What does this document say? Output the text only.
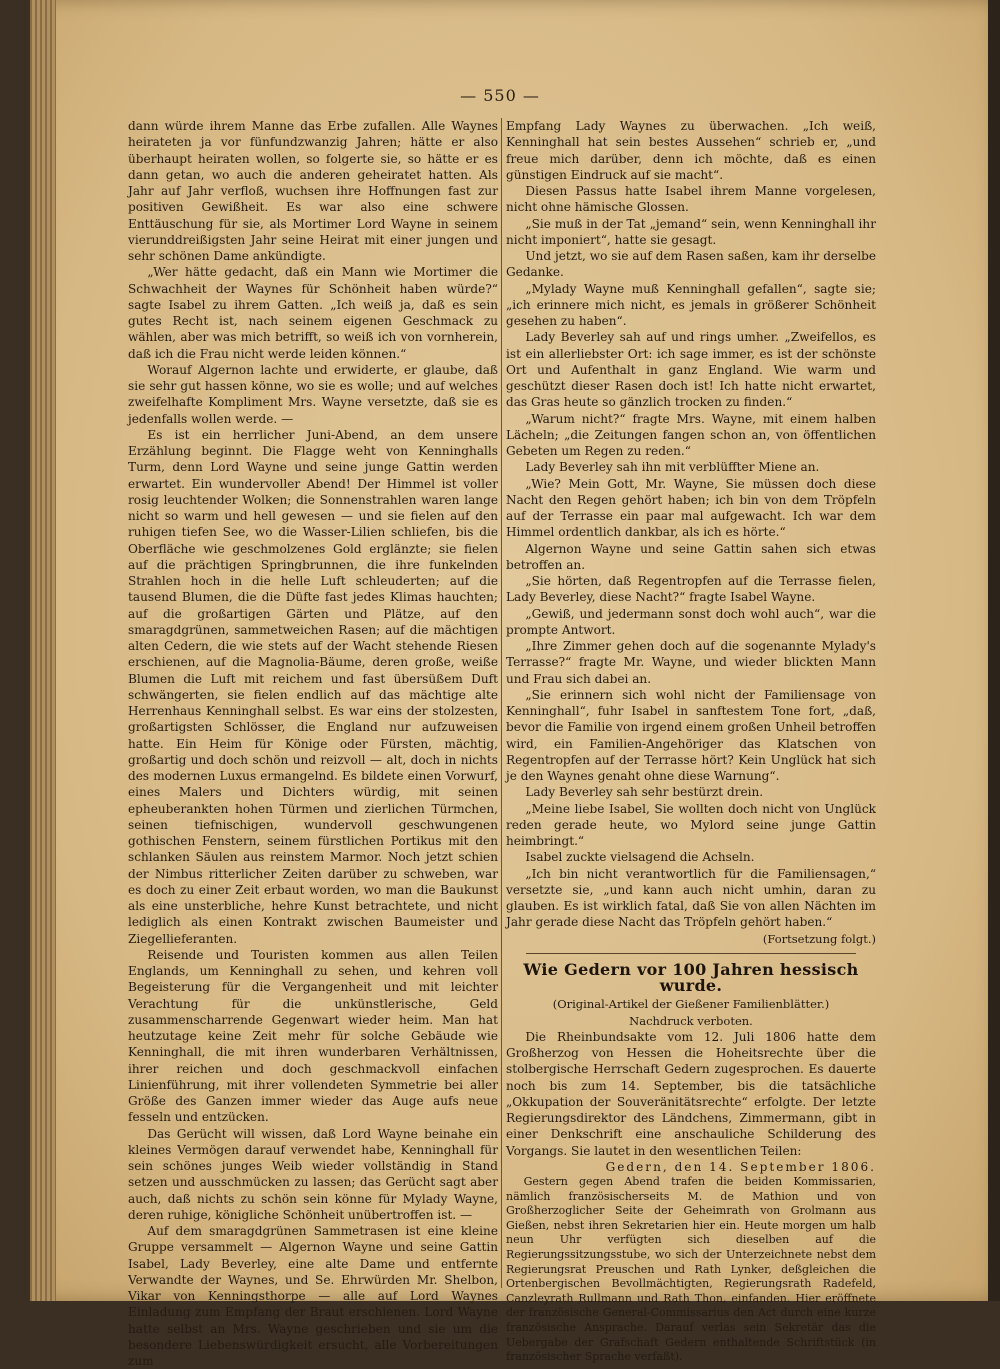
— 550 —

dann würde ihrem Manne das Erbe zufallen. Alle Waynes heirateten ja vor fünfundzwanzig Jahren; hätte er also überhaupt heiraten wollen, so folgerte sie, so hätte er es dann getan, wo auch die anderen geheiratet hatten. Als Jahr auf Jahr verfloß, wuchsen ihre Hoffnungen fast zur positiven Gewißheit. Es war also eine schwere Enttäuschung für sie, als Mortimer Lord Wayne in seinem vierunddreißigsten Jahr seine Heirat mit einer jungen und sehr schönen Dame ankündigte.

„Wer hätte gedacht, daß ein Mann wie Mortimer die Schwachheit der Waynes für Schönheit haben würde?“ sagte Isabel zu ihrem Gatten. „Ich weiß ja, daß es sein gutes Recht ist, nach seinem eigenen Geschmack zu wählen, aber was mich betrifft, so weiß ich von vornherein, daß ich die Frau nicht werde leiden können.“

Worauf Algernon lachte und erwiderte, er glaube, daß sie sehr gut hassen könne, wo sie es wolle; und auf welches zweifelhafte Kompliment Mrs. Wayne versetzte, daß sie es jedenfalls wollen werde. —

Es ist ein herrlicher Juni-Abend, an dem unsere Erzählung beginnt. Die Flagge weht von Kenninghalls Turm, denn Lord Wayne und seine junge Gattin werden erwartet. Ein wundervoller Abend! Der Himmel ist voller rosig leuchtender Wolken; die Sonnenstrahlen waren lange nicht so warm und hell gewesen — und sie fielen auf den ruhigen tiefen See, wo die Wasser-Lilien schliefen, bis die Oberfläche wie geschmolzenes Gold erglänzte; sie fielen auf die prächtigen Springbrunnen, die ihre funkelnden Strahlen hoch in die helle Luft schleuderten; auf die tausend Blumen, die die Düfte fast jedes Klimas hauchten; auf die großartigen Gärten und Plätze, auf den smaragdgrünen, sammetweichen Rasen; auf die mächtigen alten Cedern, die wie stets auf der Wacht stehende Riesen erschienen, auf die Magnolia-Bäume, deren große, weiße Blumen die Luft mit reichem und fast übersüßem Duft schwängerten, sie fielen endlich auf das mächtige alte Herrenhaus Kenninghall selbst. Es war eins der stolzesten, großartigsten Schlösser, die England nur aufzuweisen hatte. Ein Heim für Könige oder Fürsten, mächtig, großartig und doch schön und reizvoll — alt, doch in nichts des modernen Luxus ermangelnd. Es bildete einen Vorwurf, eines Malers und Dichters würdig, mit seinen epheuberankten hohen Türmen und zierlichen Türmchen, seinen tiefnischigen, wundervoll geschwungenen gothischen Fenstern, seinem fürstlichen Portikus mit den schlanken Säulen aus reinstem Marmor. Noch jetzt schien der Nimbus ritterlicher Zeiten darüber zu schweben, war es doch zu einer Zeit erbaut worden, wo man die Baukunst als eine unsterbliche, hehre Kunst betrachtete, und nicht lediglich als einen Kontrakt zwischen Baumeister und Ziegellieferanten.

Reisende und Touristen kommen aus allen Teilen Englands, um Kenninghall zu sehen, und kehren voll Begeisterung für die Vergangenheit und mit leichter Verachtung für die unkünstlerische, Geld zusammenscharrende Gegenwart wieder heim. Man hat heutzutage keine Zeit mehr für solche Gebäude wie Kenninghall, die mit ihren wunderbaren Verhältnissen, ihrer reichen und doch geschmackvoll einfachen Linienführung, mit ihrer vollendeten Symmetrie bei aller Größe des Ganzen immer wieder das Auge aufs neue fesseln und entzücken.

Das Gerücht will wissen, daß Lord Wayne beinahe ein kleines Vermögen darauf verwendet habe, Kenninghall für sein schönes junges Weib wieder vollständig in Stand setzen und ausschmücken zu lassen; das Gerücht sagt aber auch, daß nichts zu schön sein könne für Mylady Wayne, deren ruhige, königliche Schönheit unübertroffen ist. —

Auf dem smaragdgrünen Sammetrasen ist eine kleine Gruppe versammelt — Algernon Wayne und seine Gattin Isabel, Lady Beverley, eine alte Dame und entfernte Verwandte der Waynes, und Se. Ehrwürden Mr. Shelbon, Vikar von Kenningsthorpe — alle auf Lord Waynes Einladung zum Empfang der Braut erschienen. Lord Wayne hatte selbst an Mrs. Wayne geschrieben und sie um die besondere Liebenswürdigkeit ersucht, alle Vorbereitungen zum

Empfang Lady Waynes zu überwachen. „Ich weiß, Kenninghall hat sein bestes Aussehen“ schrieb er, „und freue mich darüber, denn ich möchte, daß es einen günstigen Eindruck auf sie macht“.

Diesen Passus hatte Isabel ihrem Manne vorgelesen, nicht ohne hämische Glossen.

„Sie muß in der Tat „jemand“ sein, wenn Kenninghall ihr nicht imponiert“, hatte sie gesagt.

Und jetzt, wo sie auf dem Rasen saßen, kam ihr derselbe Gedanke.

„Mylady Wayne muß Kenninghall gefallen“, sagte sie; „ich erinnere mich nicht, es jemals in größerer Schönheit gesehen zu haben“.

Lady Beverley sah auf und rings umher. „Zweifellos, es ist ein allerliebster Ort: ich sage immer, es ist der schönste Ort und Aufenthalt in ganz England. Wie warm und geschützt dieser Rasen doch ist! Ich hatte nicht erwartet, das Gras heute so gänzlich trocken zu finden.“

„Warum nicht?“ fragte Mrs. Wayne, mit einem halben Lächeln; „die Zeitungen fangen schon an, von öffentlichen Gebeten um Regen zu reden.“

Lady Beverley sah ihn mit verblüffter Miene an.

„Wie? Mein Gott, Mr. Wayne, Sie müssen doch diese Nacht den Regen gehört haben; ich bin von dem Tröpfeln auf der Terrasse ein paar mal aufgewacht. Ich war dem Himmel ordentlich dankbar, als ich es hörte.“

Algernon Wayne und seine Gattin sahen sich etwas betroffen an.

„Sie hörten, daß Regentropfen auf die Terrasse fielen, Lady Beverley, diese Nacht?“ fragte Isabel Wayne.

„Gewiß, und jedermann sonst doch wohl auch“, war die prompte Antwort.

„Ihre Zimmer gehen doch auf die sogenannte Mylady's Terrasse?“ fragte Mr. Wayne, und wieder blickten Mann und Frau sich dabei an.

„Sie erinnern sich wohl nicht der Familiensage von Kenninghall“, fuhr Isabel in sanftestem Tone fort, „daß, bevor die Familie von irgend einem großen Unheil betroffen wird, ein Familien-Angehöriger das Klatschen von Regentropfen auf der Terrasse hört? Kein Unglück hat sich je den Waynes genaht ohne diese Warnung“.

Lady Beverley sah sehr bestürzt drein.

„Meine liebe Isabel, Sie wollten doch nicht von Unglück reden gerade heute, wo Mylord seine junge Gattin heimbringt.“

Isabel zuckte vielsagend die Achseln.

„Ich bin nicht verantwortlich für die Familiensagen,“ versetzte sie, „und kann auch nicht umhin, daran zu glauben. Es ist wirklich fatal, daß Sie von allen Nächten im Jahr gerade diese Nacht das Tröpfeln gehört haben.“

(Fortsetzung folgt.)

Wie Gedern vor 100 Jahren hessisch wurde.

(Original-Artikel der Gießener Familienblätter.)

Nachdruck verboten.

Die Rheinbundsakte vom 12. Juli 1806 hatte dem Großherzog von Hessen die Hoheitsrechte über die stolbergische Herrschaft Gedern zugesprochen. Es dauerte noch bis zum 14. September, bis die tatsächliche „Okkupation der Souveränitätsrechte“ erfolgte. Der letzte Regierungsdirektor des Ländchens, Zimmermann, gibt in einer Denkschrift eine anschauliche Schilderung des Vorgangs. Sie lautet in den wesentlichen Teilen:

Gedern, den 14. September 1806.

Gestern gegen Abend trafen die beiden Kommissarien, nämlich französischerseits M. de Mathion und von Großherzoglicher Seite der Geheimrath von Grolmann aus Gießen, nebst ihren Sekretarien hier ein. Heute morgen um halb neun Uhr verfügten sich dieselben auf die Regierungssitzungsstube, wo sich der Unterzeichnete nebst dem Regierungsrat Preuschen und Rath Lynker, deßgleichen die Ortenbergischen Bevollmächtigten, Regierungsrath Radefeld, Canzleyrath Rullmann und Rath Thon, einfanden. Hier eröffnete der französische General-Commissarius den Act durch eine kurze französische Ansprache. Darauf verlas sein Sekretär das die Uebergabe der Grafschaft Gedern enthaltende Schriftstück (in französischer Sprache verfaßt).
